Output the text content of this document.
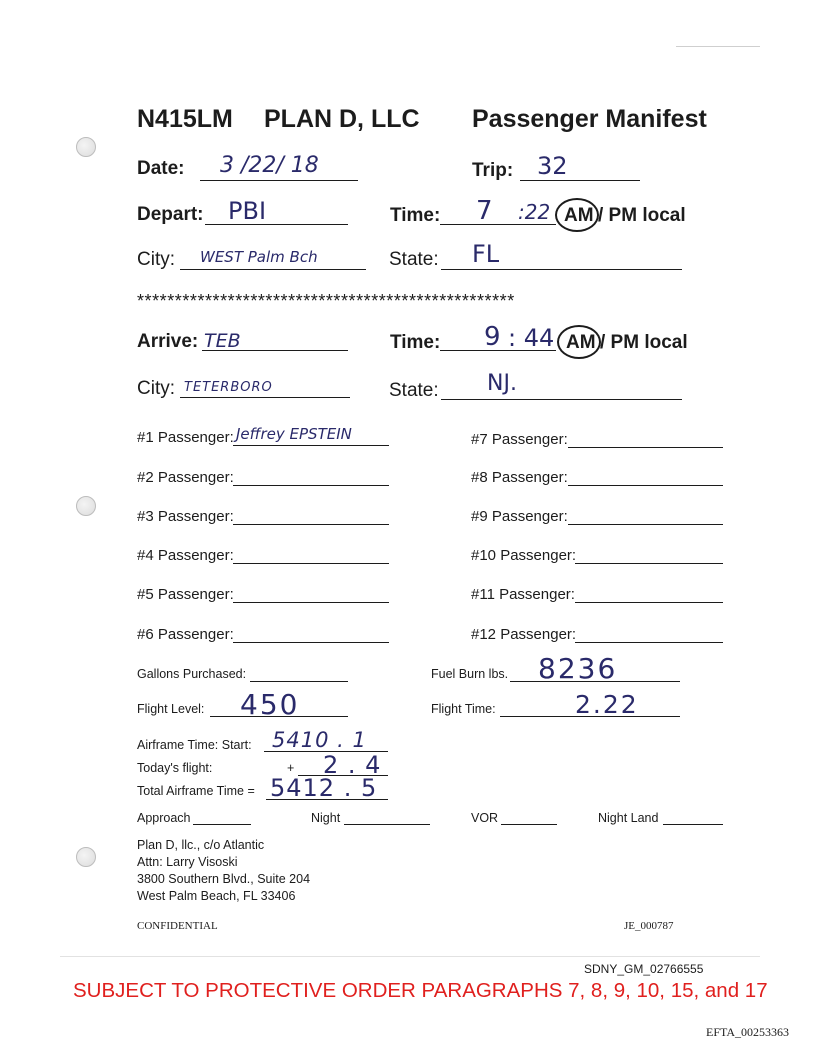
N415LM PLAN D, LLC Passenger Manifest
Date: 3 /22/ 18	Trip: 32
Depart: PBI	Time: 7 :22 AM / PM local
City: WEST Palm Bch	State: FL
**************************************************
Arrive: TEB	Time: 9 : 44 AM / PM local
City: TETERBORO	State: NJ.
#1 Passenger: Jeffrey EPSTEIN
#2 Passenger:
#3 Passenger:
#4 Passenger:
#5 Passenger:
#6 Passenger:
#7 Passenger:
#8 Passenger:
#9 Passenger:
#10 Passenger:
#11 Passenger:
#12 Passenger:
Gallons Purchased:	Fuel Burn lbs. 8236
Flight Level: 450	Flight Time:	2.22
Airframe Time: Start: 5410 . 1
Today's flight:	+ 2 . 4
Total Airframe Time = 5412 . 5
Approach	Night	VOR	Night Land
Plan D, llc., c/o Atlantic
Attn: Larry Visoski
3800 Southern Blvd., Suite 204
West Palm Beach, FL 33406
CONFIDENTIAL	JE_000787
SDNY_GM_02766555
SUBJECT TO PROTECTIVE ORDER PARAGRAPHS 7, 8, 9, 10, 15, and 17
EFTA_00253363
